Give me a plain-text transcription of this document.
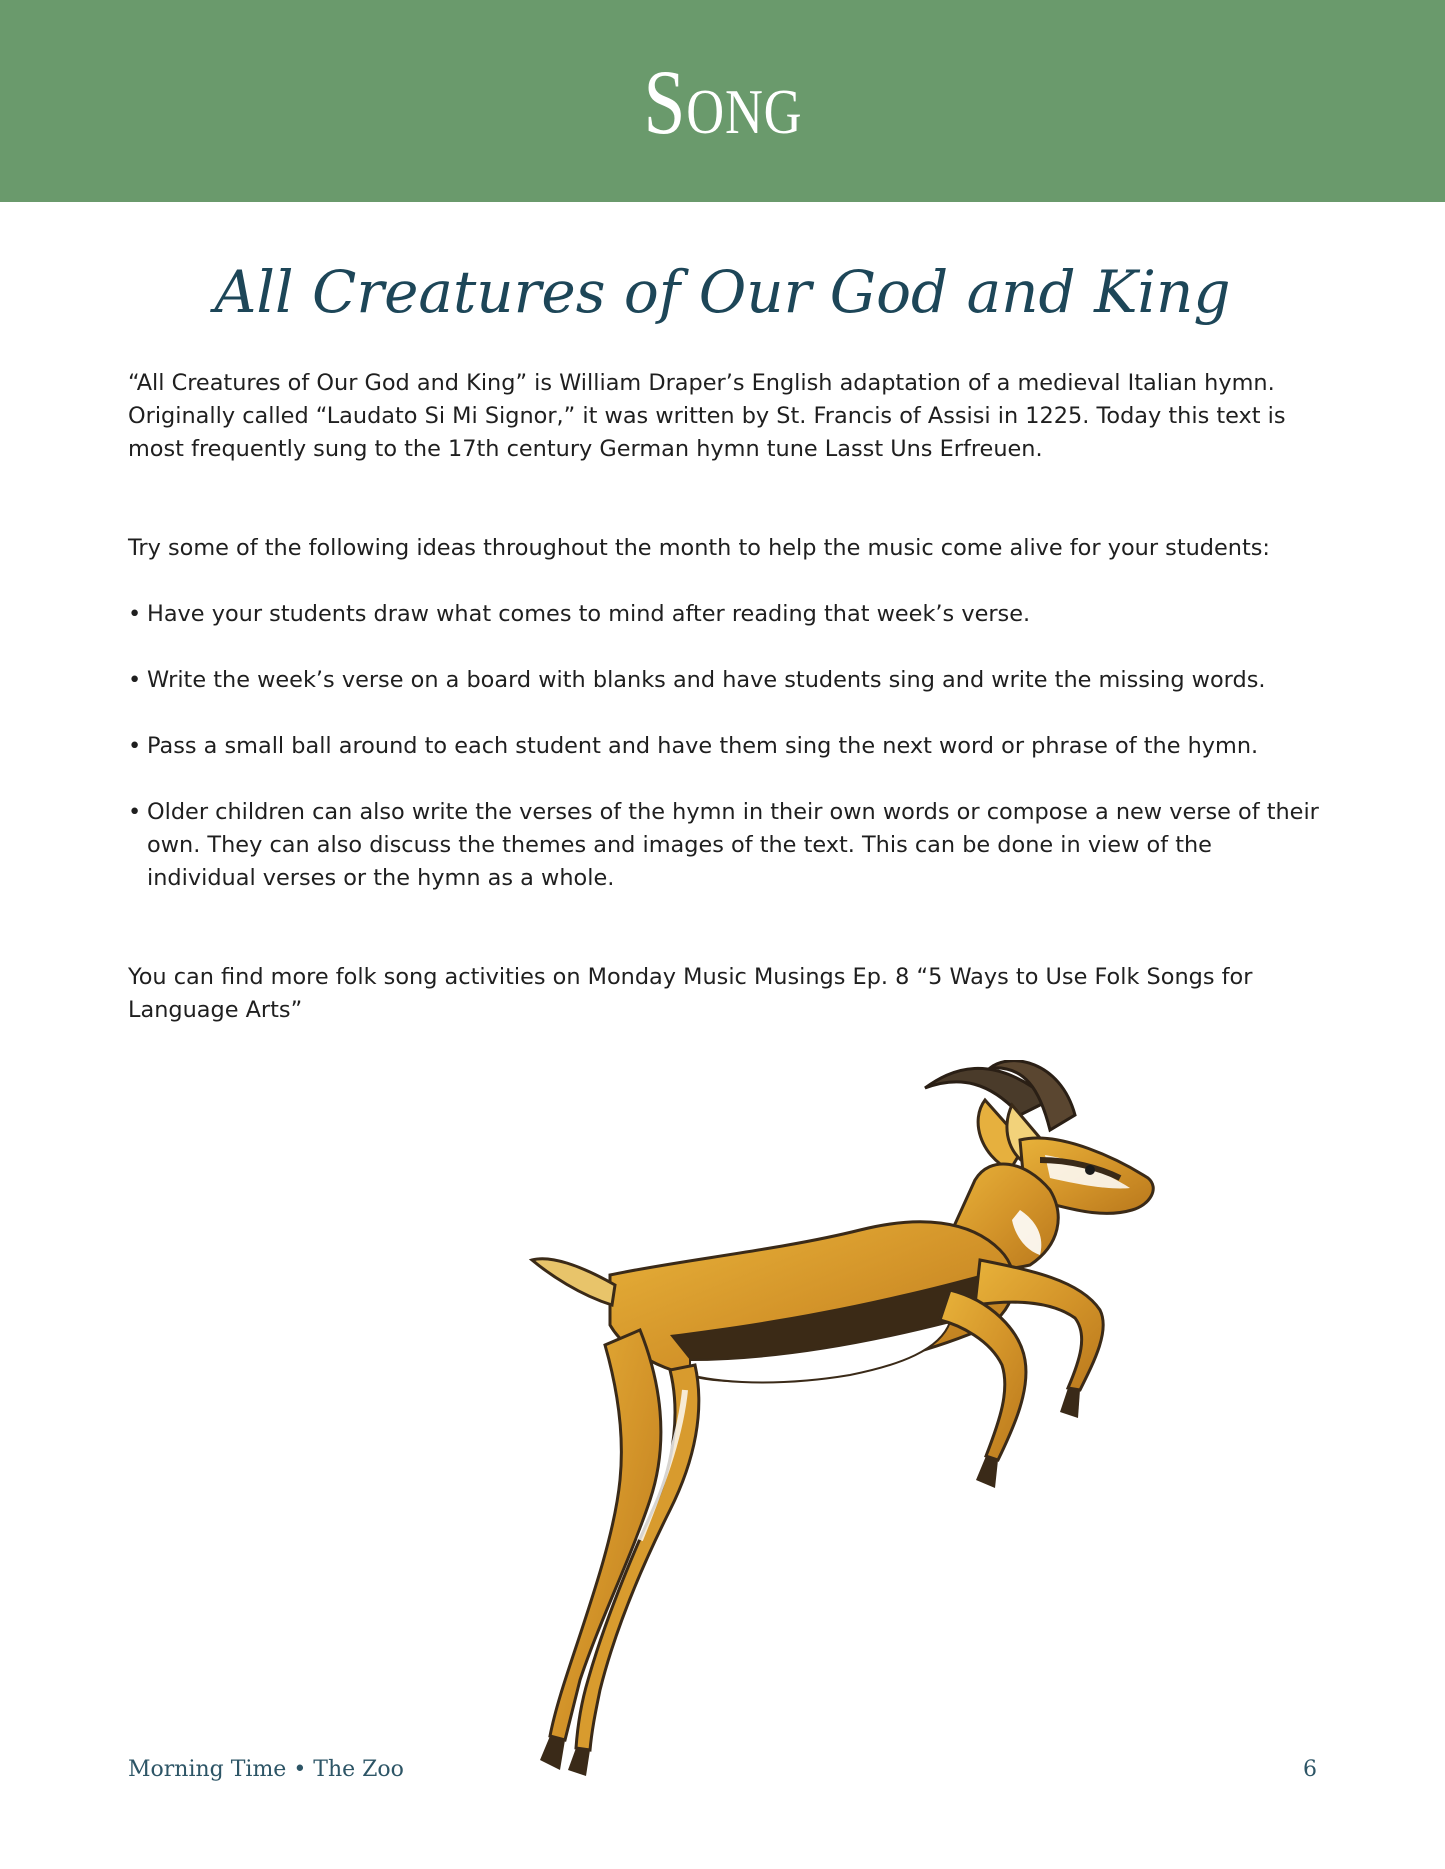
Song
All Creatures of Our God and King

“All Creatures of Our God and King” is William Draper’s English adaptation of a medieval Italian hymn. Originally called “Laudato Si Mi Signor,” it was written by St. Francis of Assisi in 1225. Today this text is most frequently sung to the 17th century German hymn tune Lasst Uns Erfreuen.

Try some of the following ideas throughout the month to help the music come alive for your students:

• Have your students draw what comes to mind after reading that week’s verse.
• Write the week’s verse on a board with blanks and have students sing and write the missing words.
• Pass a small ball around to each student and have them sing the next word or phrase of the hymn.
• Older children can also write the verses of the hymn in their own words or compose a new verse of their own. They can also discuss the themes and images of the text. This can be done in view of the individual verses or the hymn as a whole.

You can find more folk song activities on Monday Music Musings Ep. 8 “5 Ways to Use Folk Songs for Language Arts”

Morning Time • The Zoo	6
